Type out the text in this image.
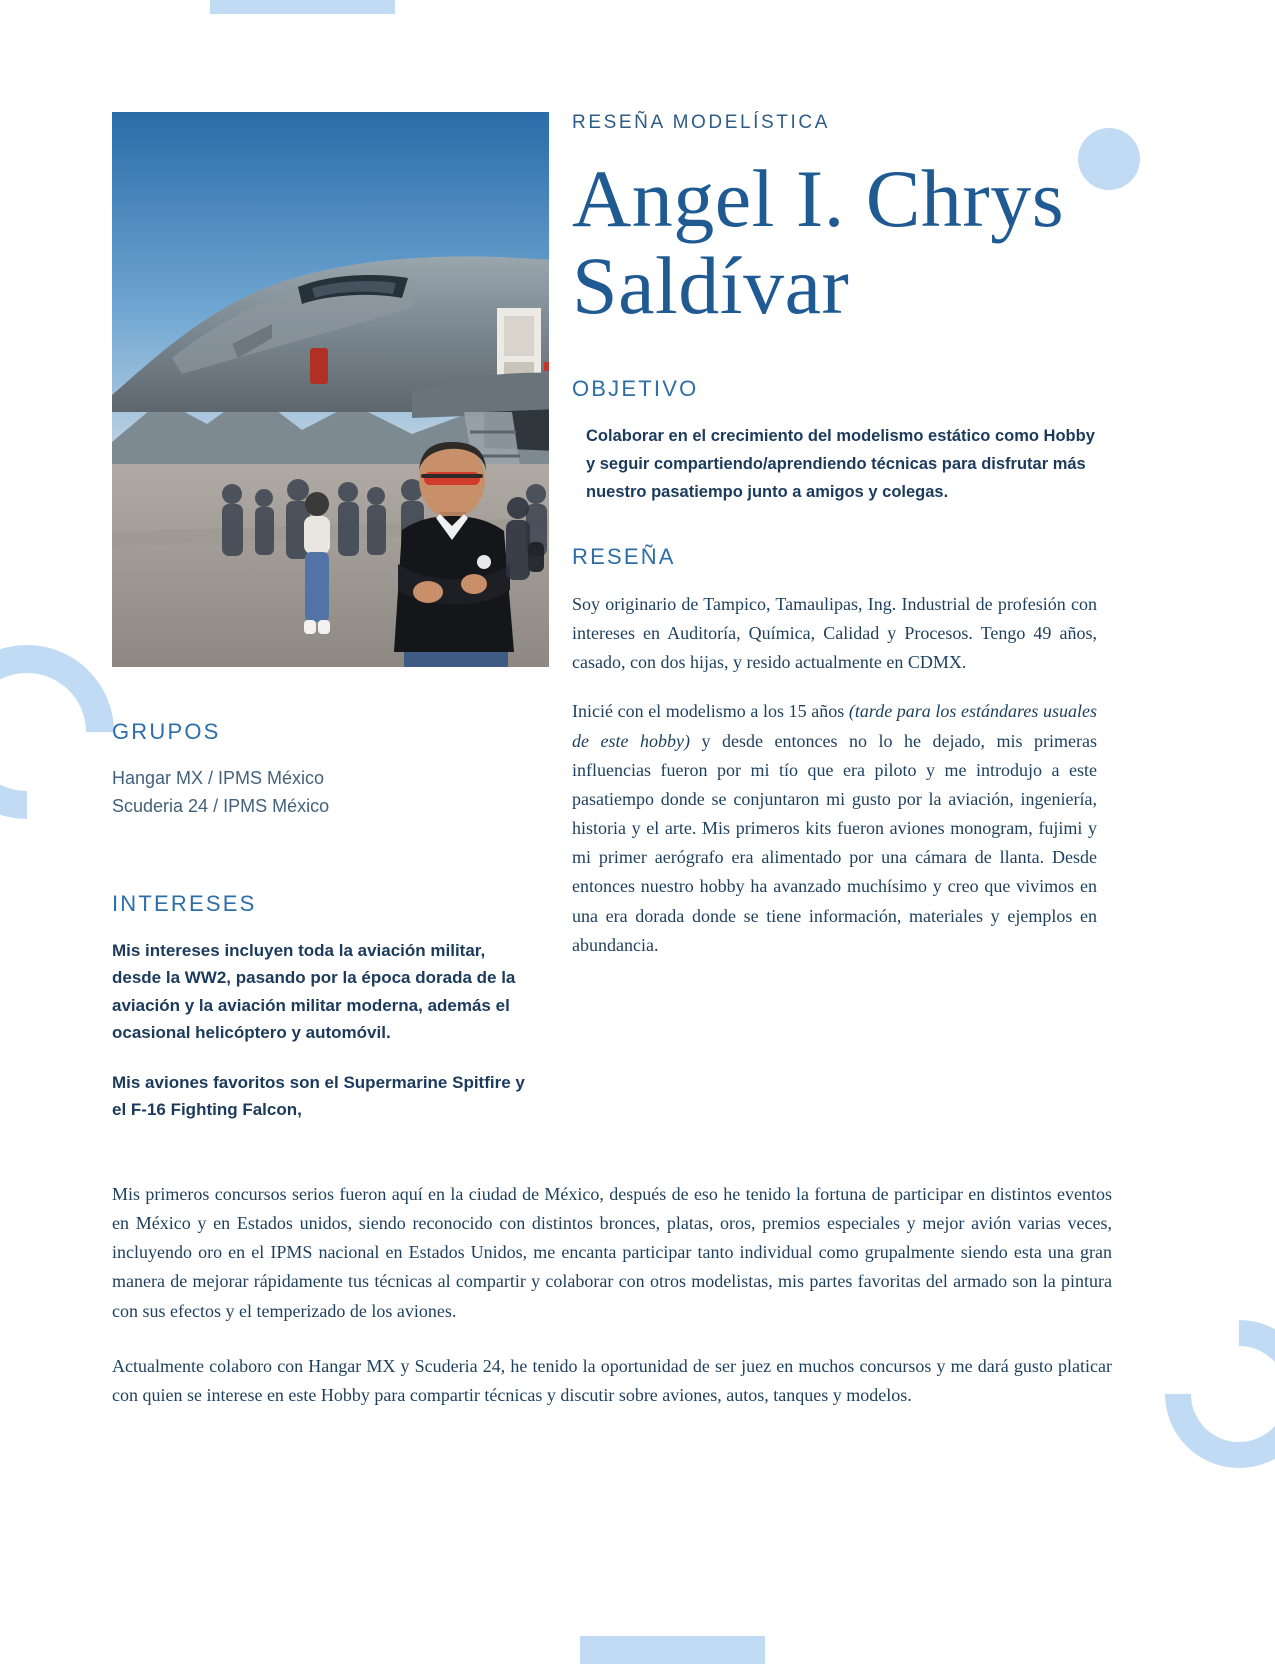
GRUPOS

Hangar MX / IPMS México
Scuderia 24 / IPMS México

INTERESES

Mis intereses incluyen toda la aviación militar, desde la WW2, pasando por la época dorada de la aviación y la aviación militar moderna, además el ocasional helicóptero y automóvil.

Mis aviones favoritos son el Supermarine Spitfire y el F-16 Fighting Falcon,

RESEÑA MODELÍSTICA

Angel I. Chrys Saldívar
OBJETIVO

Colaborar en el crecimiento del modelismo estático como Hobby y seguir compartiendo/aprendiendo técnicas para disfrutar más nuestro pasatiempo junto a amigos y colegas.

RESEÑA

Soy originario de Tampico, Tamaulipas, Ing. Industrial de profesión con intereses en Auditoría, Química, Calidad y Procesos. Tengo 49 años, casado, con dos hijas, y resido actualmente en CDMX.

Inicié con el modelismo a los 15 años (tarde para los estándares usuales de este hobby) y desde entonces no lo he dejado, mis primeras influencias fueron por mi tío que era piloto y me introdujo a este pasatiempo donde se conjuntaron mi gusto por la aviación, ingeniería, historia y el arte. Mis primeros kits fueron aviones monogram, fujimi y mi primer aerógrafo era alimentado por una cámara de llanta. Desde entonces nuestro hobby ha avanzado muchísimo y creo que vivimos en una era dorada donde se tiene información, materiales y ejemplos en abundancia.

Mis primeros concursos serios fueron aquí en la ciudad de México, después de eso he tenido la fortuna de participar en distintos eventos en México y en Estados unidos, siendo reconocido con distintos bronces, platas, oros, premios especiales y mejor avión varias veces, incluyendo oro en el IPMS nacional en Estados Unidos, me encanta participar tanto individual como grupalmente siendo esta una gran manera de mejorar rápidamente tus técnicas al compartir y colaborar con otros modelistas, mis partes favoritas del armado son la pintura con sus efectos y el temperizado de los aviones.

Actualmente colaboro con Hangar MX y Scuderia 24, he tenido la oportunidad de ser juez en muchos concursos y me dará gusto platicar con quien se interese en este Hobby para compartir técnicas y discutir sobre aviones, autos, tanques y modelos.
